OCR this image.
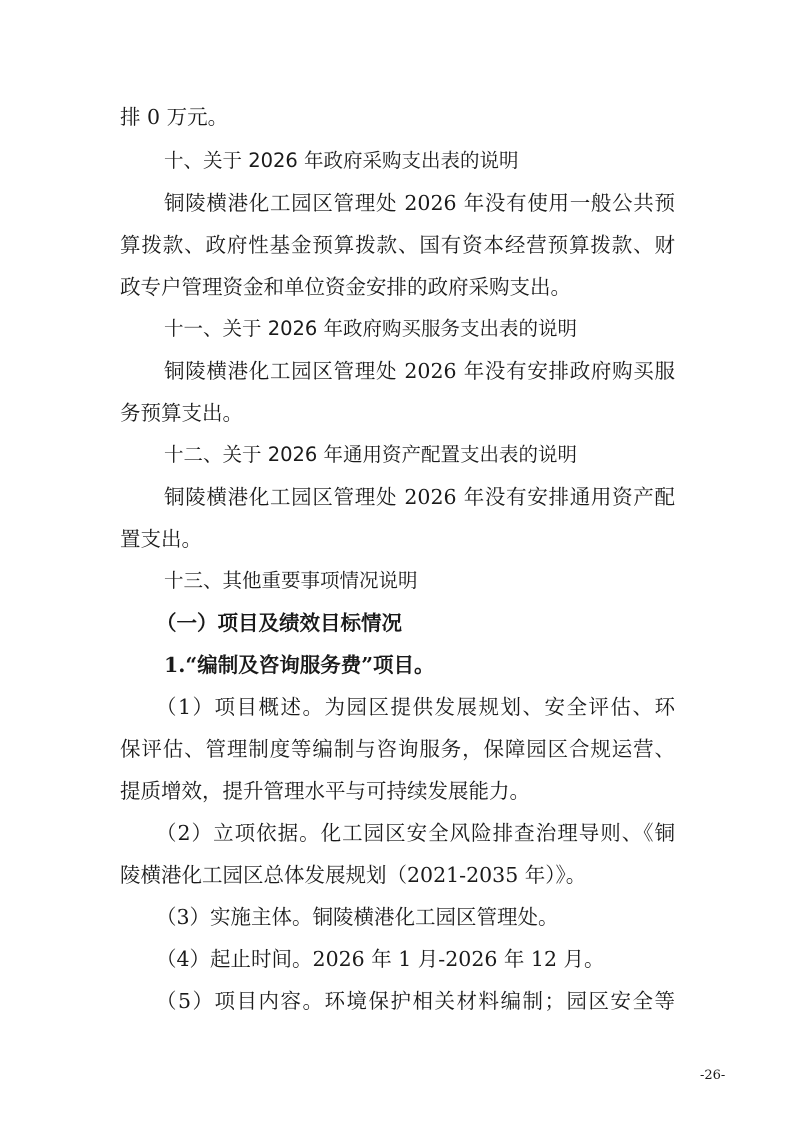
排 0 万元。
十、关于 2026 年政府采购支出表的说明
铜陵横港化工园区管理处 2026 年没有使用一般公共预
算拨款、政府性基金预算拨款、国有资本经营预算拨款、财
政专户管理资金和单位资金安排的政府采购支出。
十一、关于 2026 年政府购买服务支出表的说明
铜陵横港化工园区管理处 2026 年没有安排政府购买服
务预算支出。
十二、关于 2026 年通用资产配置支出表的说明
铜陵横港化工园区管理处 2026 年没有安排通用资产配
置支出。
十三、其他重要事项情况说明
（一）项目及绩效目标情况
1.“编制及咨询服务费”项目。
（1）项目概述。为园区提供发展规划、安全评估、环
保评估、管理制度等编制与咨询服务，保障园区合规运营、
提质增效，提升管理水平与可持续发展能力。
（2）立项依据。化工园区安全风险排查治理导则、《铜
陵横港化工园区总体发展规划（2021-2035 年）》。
（3）实施主体。铜陵横港化工园区管理处。
（4）起止时间。2026 年 1 月-2026 年 12 月。
（5）项目内容。环境保护相关材料编制；园区安全等
-26-
